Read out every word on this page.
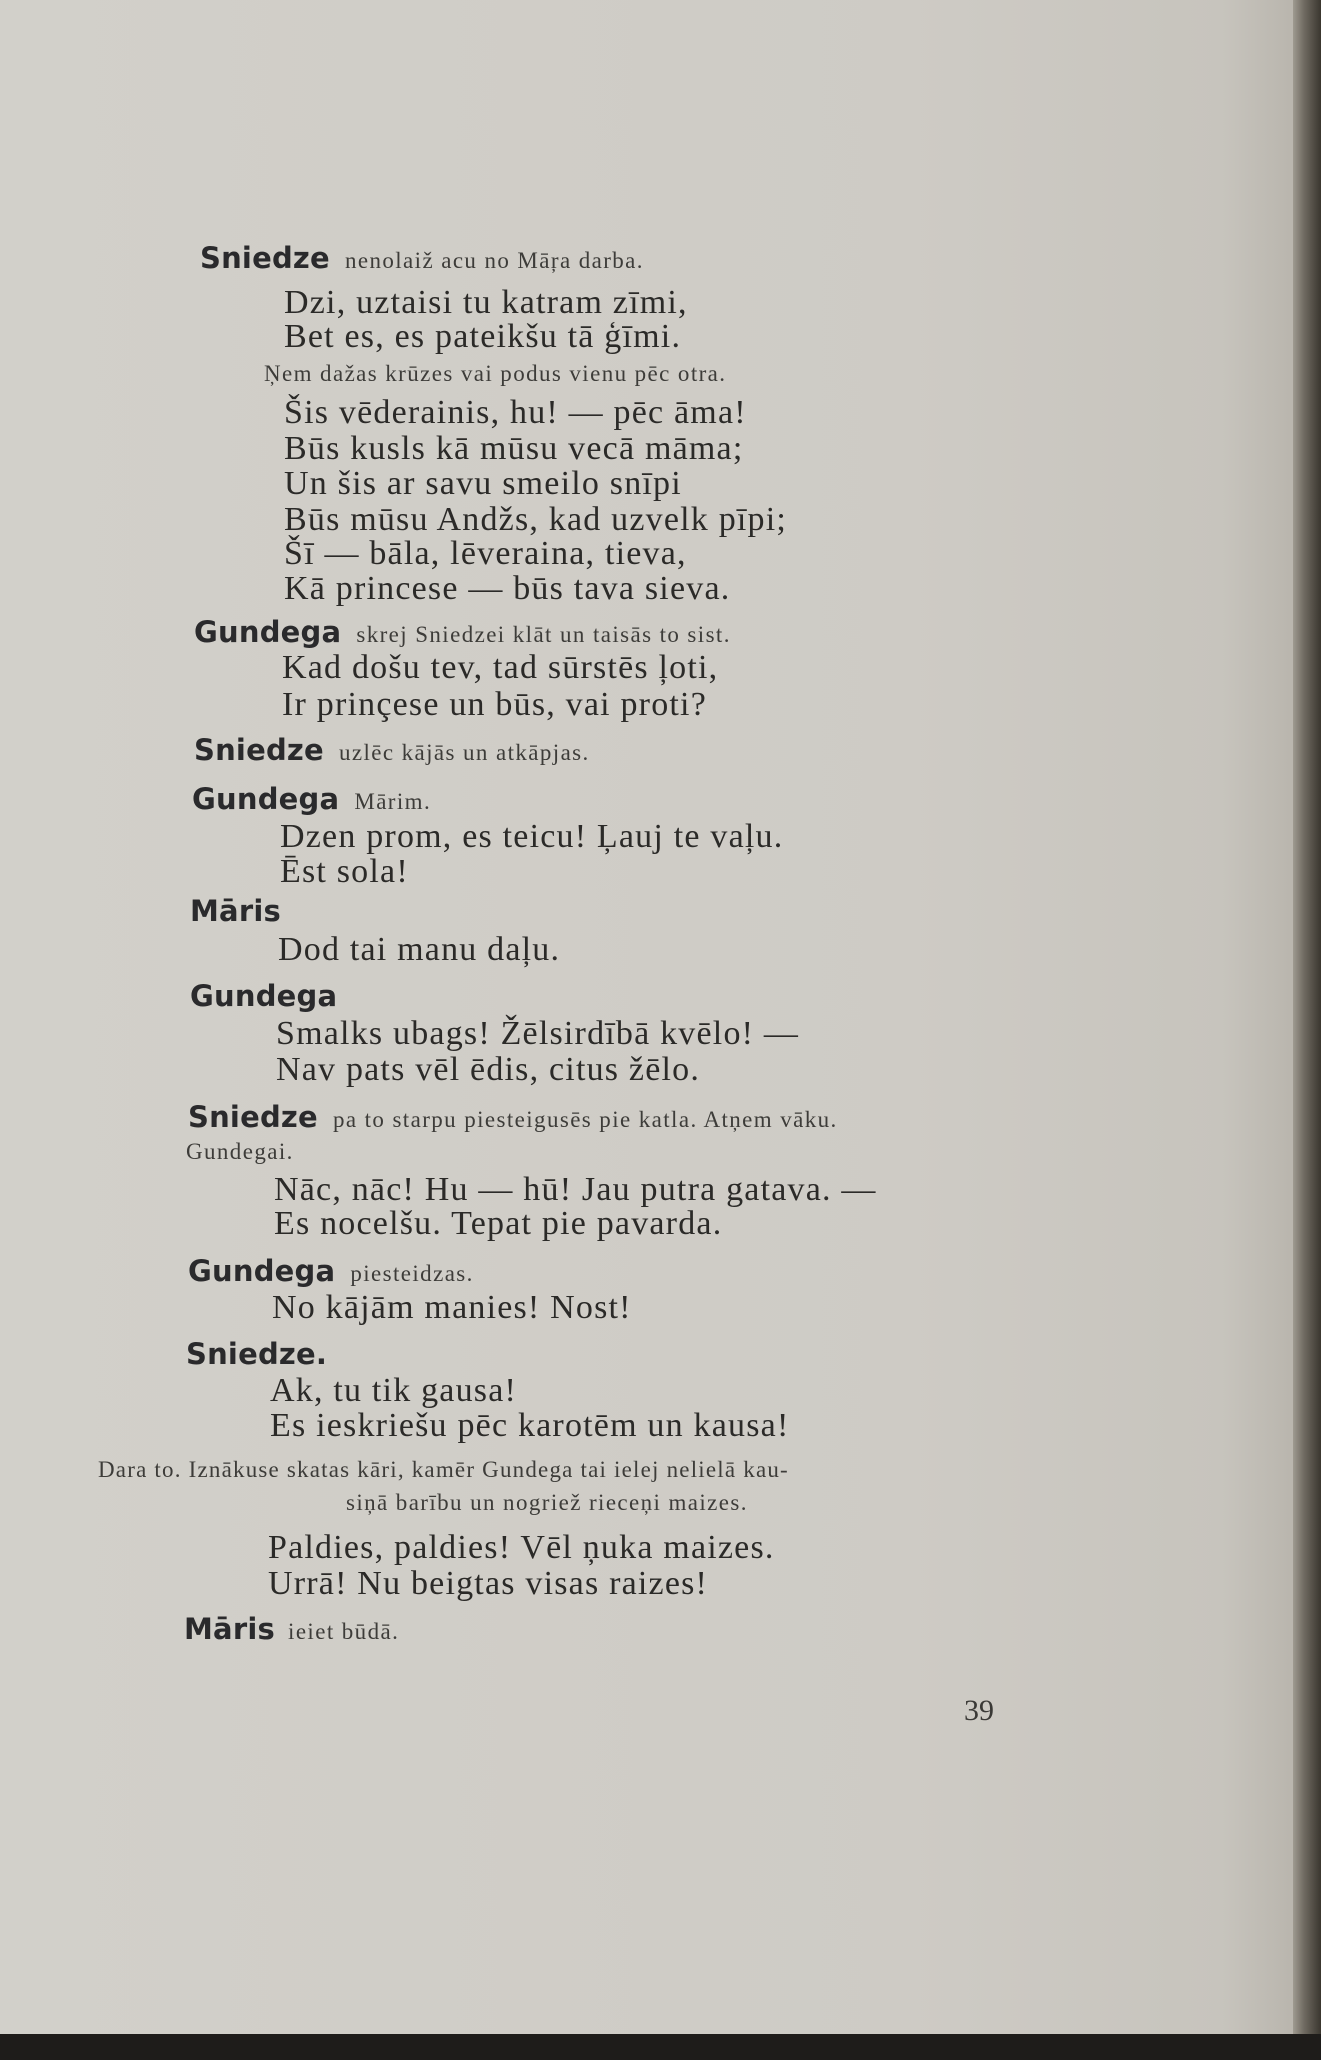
Sniedze nenolaiž acu no Māŗa darba.
Dzi, uztaisi tu katram zīmi,
Bet es, es pateikšu tā ģīmi.
Ņem dažas krūzes vai podus vienu pēc otra.
Šis vēderainis, hu! — pēc āma!
Būs kusls kā mūsu vecā māma;
Un šis ar savu smeilo snīpi
Būs mūsu Andžs, kad uzvelk pīpi;
Šī — bāla, lēveraina, tieva,
Kā princese — būs tava sieva.
Gundega skrej Sniedzei klāt un taisās to sist.
Kad došu tev, tad sūrstēs ļoti,
Ir prinçese un būs, vai proti?
Sniedze uzlēc kājās un atkāpjas.
Gundega Mārim.
Dzen prom, es teicu! Ļauj te vaļu.
Ēst sola!
Māris
Dod tai manu daļu.
Gundega
Smalks ubags! Žēlsirdībā kvēlo! —
Nav pats vēl ēdis, citus žēlo.
Sniedze pa to starpu piesteigusēs pie katla. Atņem vāku.
Gundegai.
Nāc, nāc! Hu — hū! Jau putra gatava. —
Es nocelšu. Tepat pie pavarda.
Gundega piesteidzas.
No kājām manies! Nost!
Sniedze.
Ak, tu tik gausa!
Es ieskriešu pēc karotēm un kausa!
Dara to. Iznākuse skatas kāri, kamēr Gundega tai ielej nelielā kau-
siņā barību un nogriež rieceņi maizes.
Paldies, paldies! Vēl ņuka maizes.
Urrā! Nu beigtas visas raizes!
Māris ieiet būdā.
39
